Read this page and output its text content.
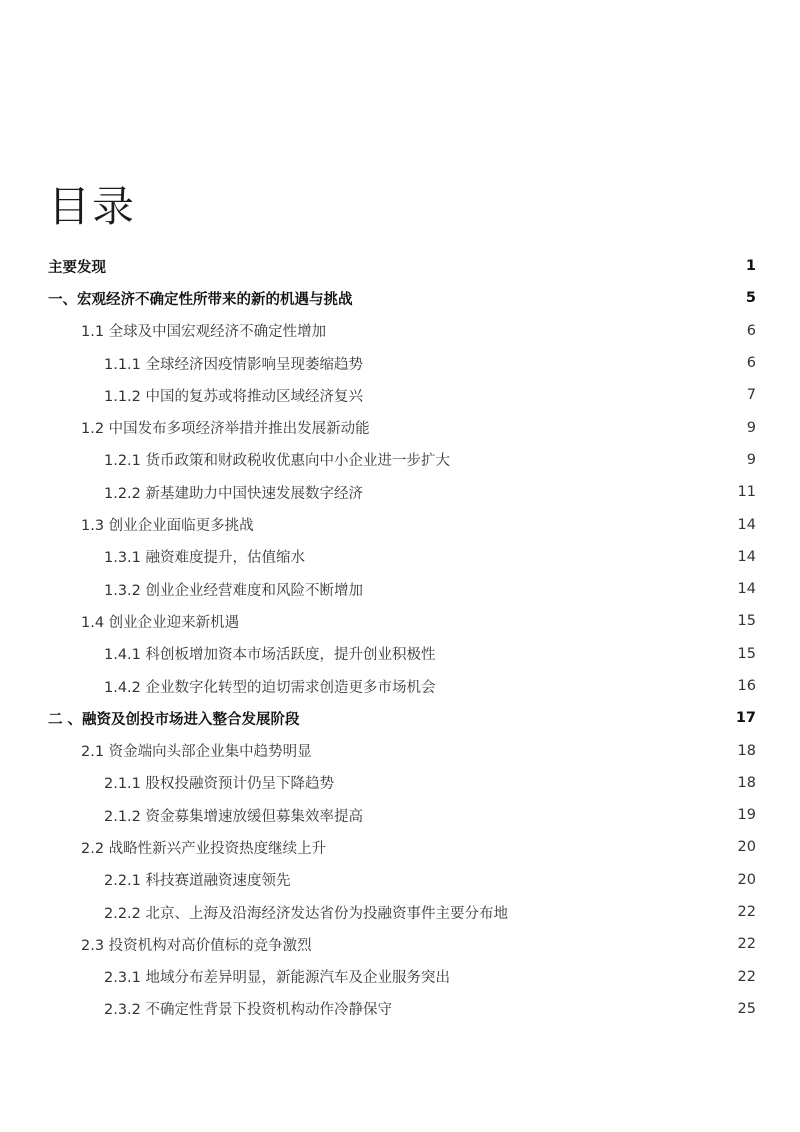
目录
主要发现	1
一、宏观经济不确定性所带来的新的机遇与挑战	5
1.1 全球及中国宏观经济不确定性增加	6
1.1.1 全球经济因疫情影响呈现萎缩趋势	6
1.1.2 中国的复苏或将推动区域经济复兴	7
1.2 中国发布多项经济举措并推出发展新动能	9
1.2.1 货币政策和财政税收优惠向中小企业进一步扩大	9
1.2.2 新基建助力中国快速发展数字经济	11
1.3 创业企业面临更多挑战	14
1.3.1 融资难度提升，估值缩水	14
1.3.2 创业企业经营难度和风险不断增加	14
1.4 创业企业迎来新机遇	15
1.4.1 科创板增加资本市场活跃度，提升创业积极性	15
1.4.2 企业数字化转型的迫切需求创造更多市场机会	16
二 、融资及创投市场进入整合发展阶段	17
2.1 资金端向头部企业集中趋势明显	18
2.1.1 股权投融资预计仍呈下降趋势	18
2.1.2 资金募集增速放缓但募集效率提高	19
2.2 战略性新兴产业投资热度继续上升	20
2.2.1 科技赛道融资速度领先	20
2.2.2 北京、上海及沿海经济发达省份为投融资事件主要分布地	22
2.3 投资机构对高价值标的竞争激烈	22
2.3.1 地域分布差异明显，新能源汽车及企业服务突出	22
2.3.2 不确定性背景下投资机构动作冷静保守	25
